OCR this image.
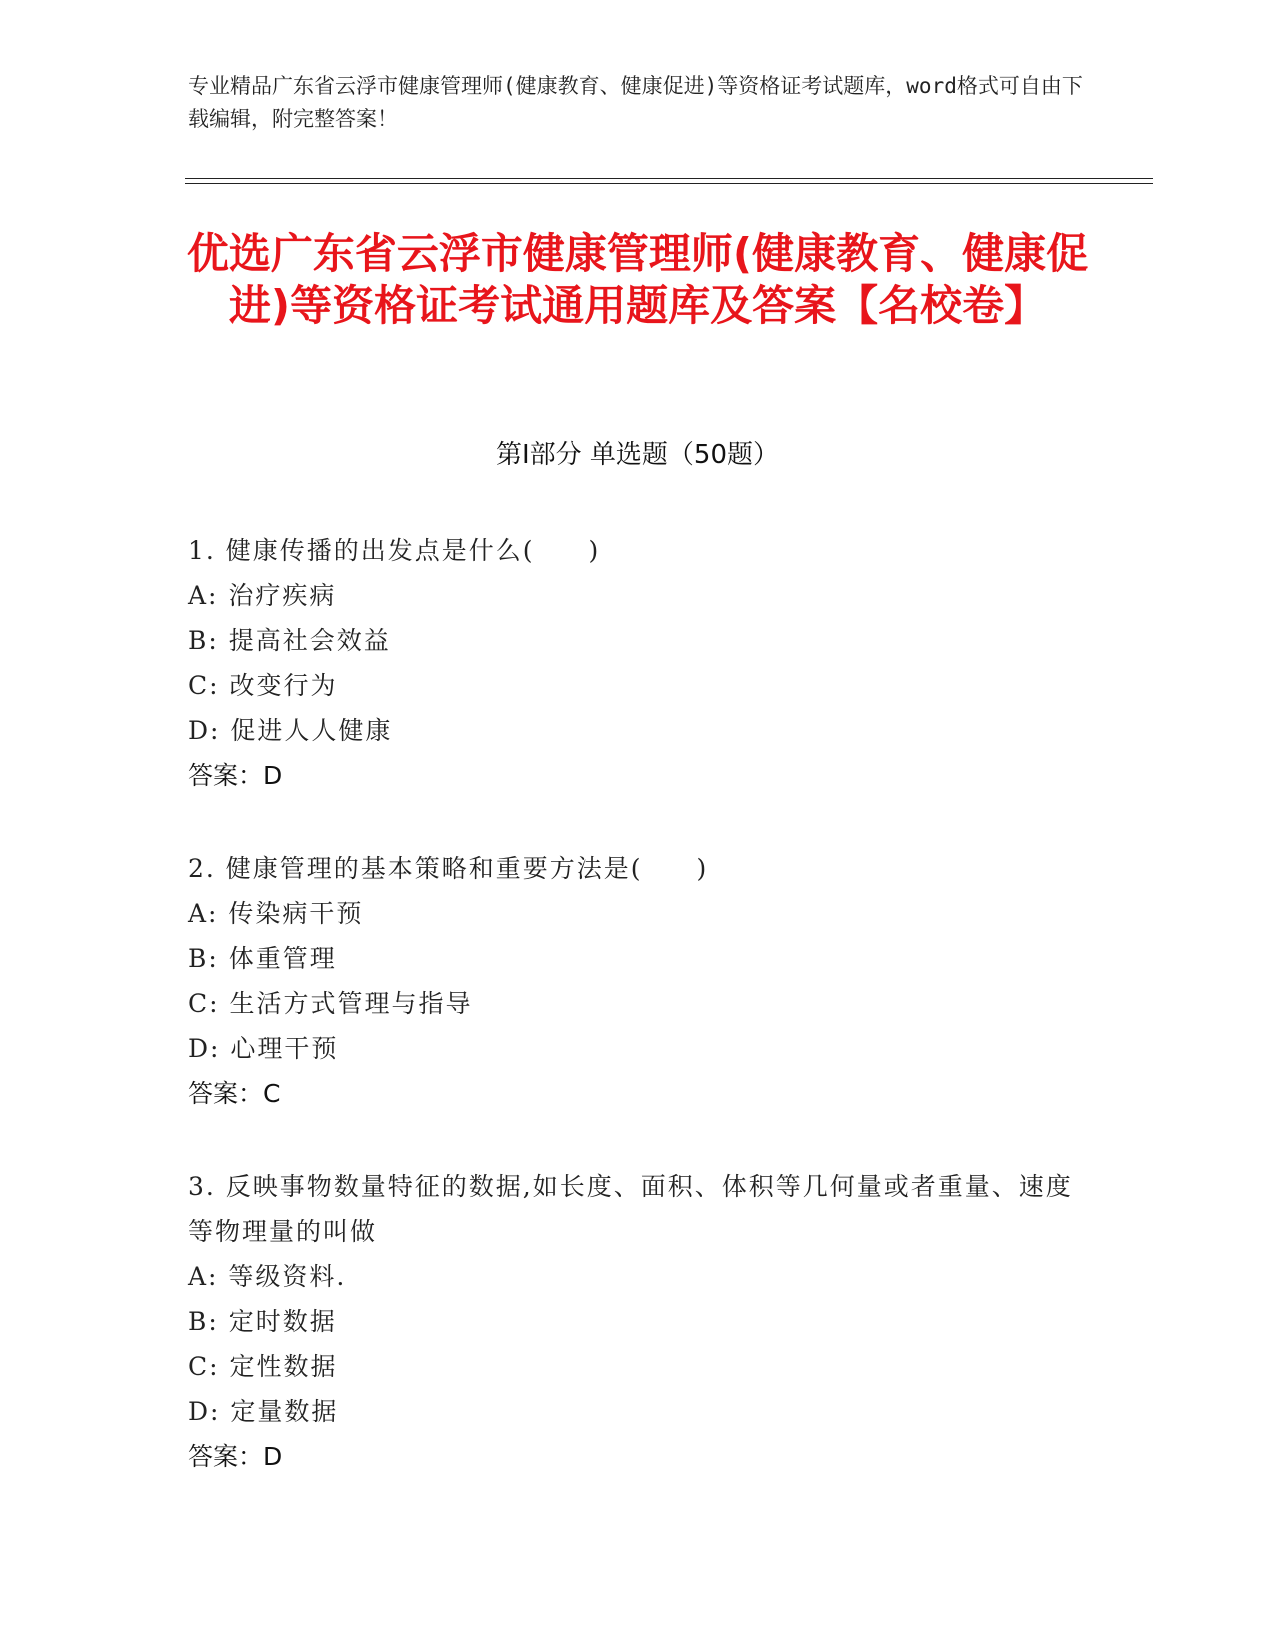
专业精品广东省云浮市健康管理师(健康教育、健康促进)等资格证考试题库，word格式可自由下载编辑，附完整答案！
优选广东省云浮市健康管理师(健康教育、健康促进)等资格证考试通用题库及答案【名校卷】
第Ⅰ部分 单选题（50题）
1. 健康传播的出发点是什么(　　)
A: 治疗疾病
B: 提高社会效益
C: 改变行为
D: 促进人人健康
答案：D
2. 健康管理的基本策略和重要方法是(　　)
A: 传染病干预
B: 体重管理
C: 生活方式管理与指导
D: 心理干预
答案：C
3. 反映事物数量特征的数据,如长度、面积、体积等几何量或者重量、速度等物理量的叫做
A: 等级资料.
B: 定时数据
C: 定性数据
D: 定量数据
答案：D
